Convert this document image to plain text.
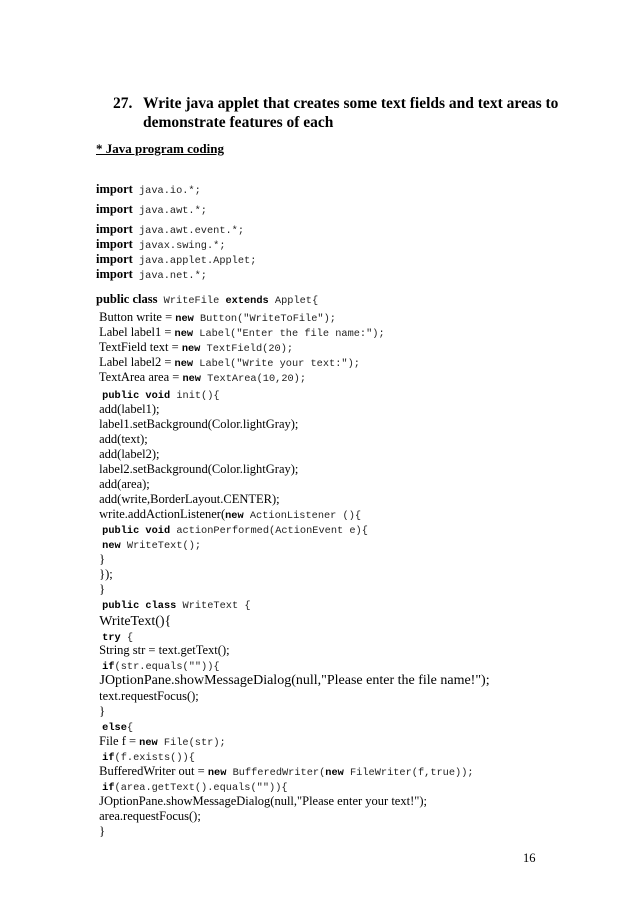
27. Write java applet that creates some text fields and text areas to demonstrate features of each
* Java program coding
import java.io.*;
import java.awt.*;
import java.awt.event.*;
import javax.swing.*;
import java.applet.Applet;
import java.net.*;
public class WriteFile extends Applet{
Button write = new Button("WriteToFile");
Label label1 = new Label("Enter the file name:");
TextField text = new TextField(20);
Label label2 = new Label("Write your text:");
TextArea area = new TextArea(10,20);
public void init(){
add(label1);
label1.setBackground(Color.lightGray);
add(text);
add(label2);
label2.setBackground(Color.lightGray);
add(area);
add(write,BorderLayout.CENTER);
write.addActionListener(new ActionListener (){
public void actionPerformed(ActionEvent e){
new WriteText();
}
});
}
public class WriteText {
WriteText(){
try {
String str = text.getText();
if(str.equals("")){
JOptionPane.showMessageDialog(null,"Please enter the file name!");
text.requestFocus();
}
else{
File f = new File(str);
if(f.exists()){
BufferedWriter out = new BufferedWriter(new FileWriter(f,true));
if(area.getText().equals("")){
JOptionPane.showMessageDialog(null,"Please enter your text!");
area.requestFocus();
}
16
